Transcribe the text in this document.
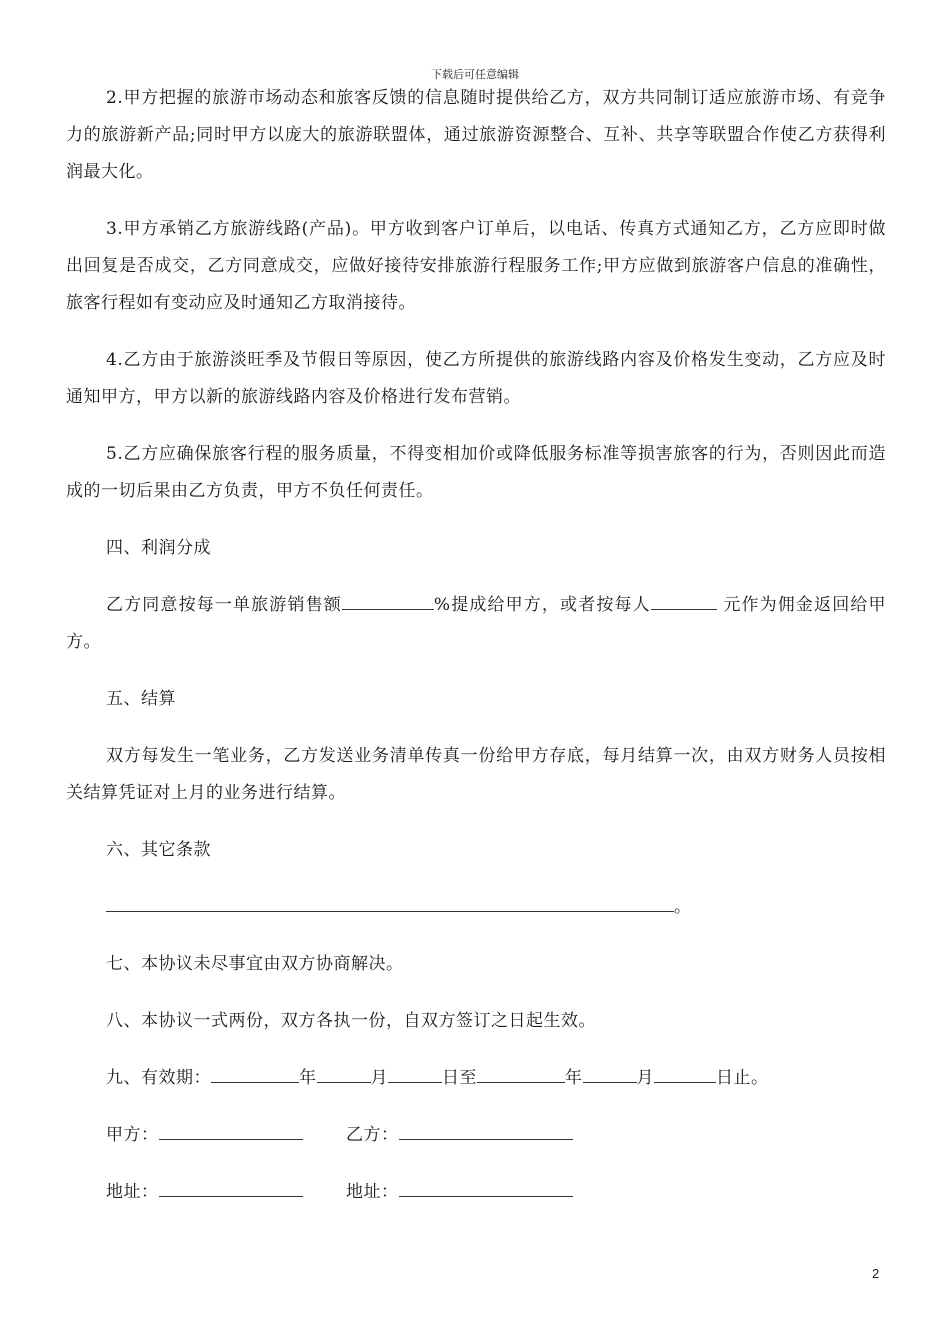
下载后可任意编辑

2.甲方把握的旅游市场动态和旅客反馈的信息随时提供给乙方，双方共同制订适应旅游市场、有竞争力的旅游新产品;同时甲方以庞大的旅游联盟体，通过旅游资源整合、互补、共享等联盟合作使乙方获得利润最大化。

3.甲方承销乙方旅游线路(产品)。甲方收到客户订单后，以电话、传真方式通知乙方，乙方应即时做出回复是否成交，乙方同意成交，应做好接待安排旅游行程服务工作;甲方应做到旅游客户信息的准确性，旅客行程如有变动应及时通知乙方取消接待。

4.乙方由于旅游淡旺季及节假日等原因，使乙方所提供的旅游线路内容及价格发生变动，乙方应及时通知甲方，甲方以新的旅游线路内容及价格进行发布营销。

5.乙方应确保旅客行程的服务质量，不得变相加价或降低服务标准等损害旅客的行为，否则因此而造成的一切后果由乙方负责，甲方不负任何责任。

四、利润分成

乙方同意按每一单旅游销售额	%提成给甲方，或者按每人	元作为佣金返回给甲方。

五、结算

双方每发生一笔业务，乙方发送业务清单传真一份给甲方存底，每月结算一次，由双方财务人员按相关结算凭证对上月的业务进行结算。

六、其它条款

。

七、本协议未尽事宜由双方协商解决。

八、本协议一式两份，双方各执一份，自双方签订之日起生效。

九、有效期：	年	月	日至	年	月	日止。

甲方：	乙方：
地址：	地址：
2
